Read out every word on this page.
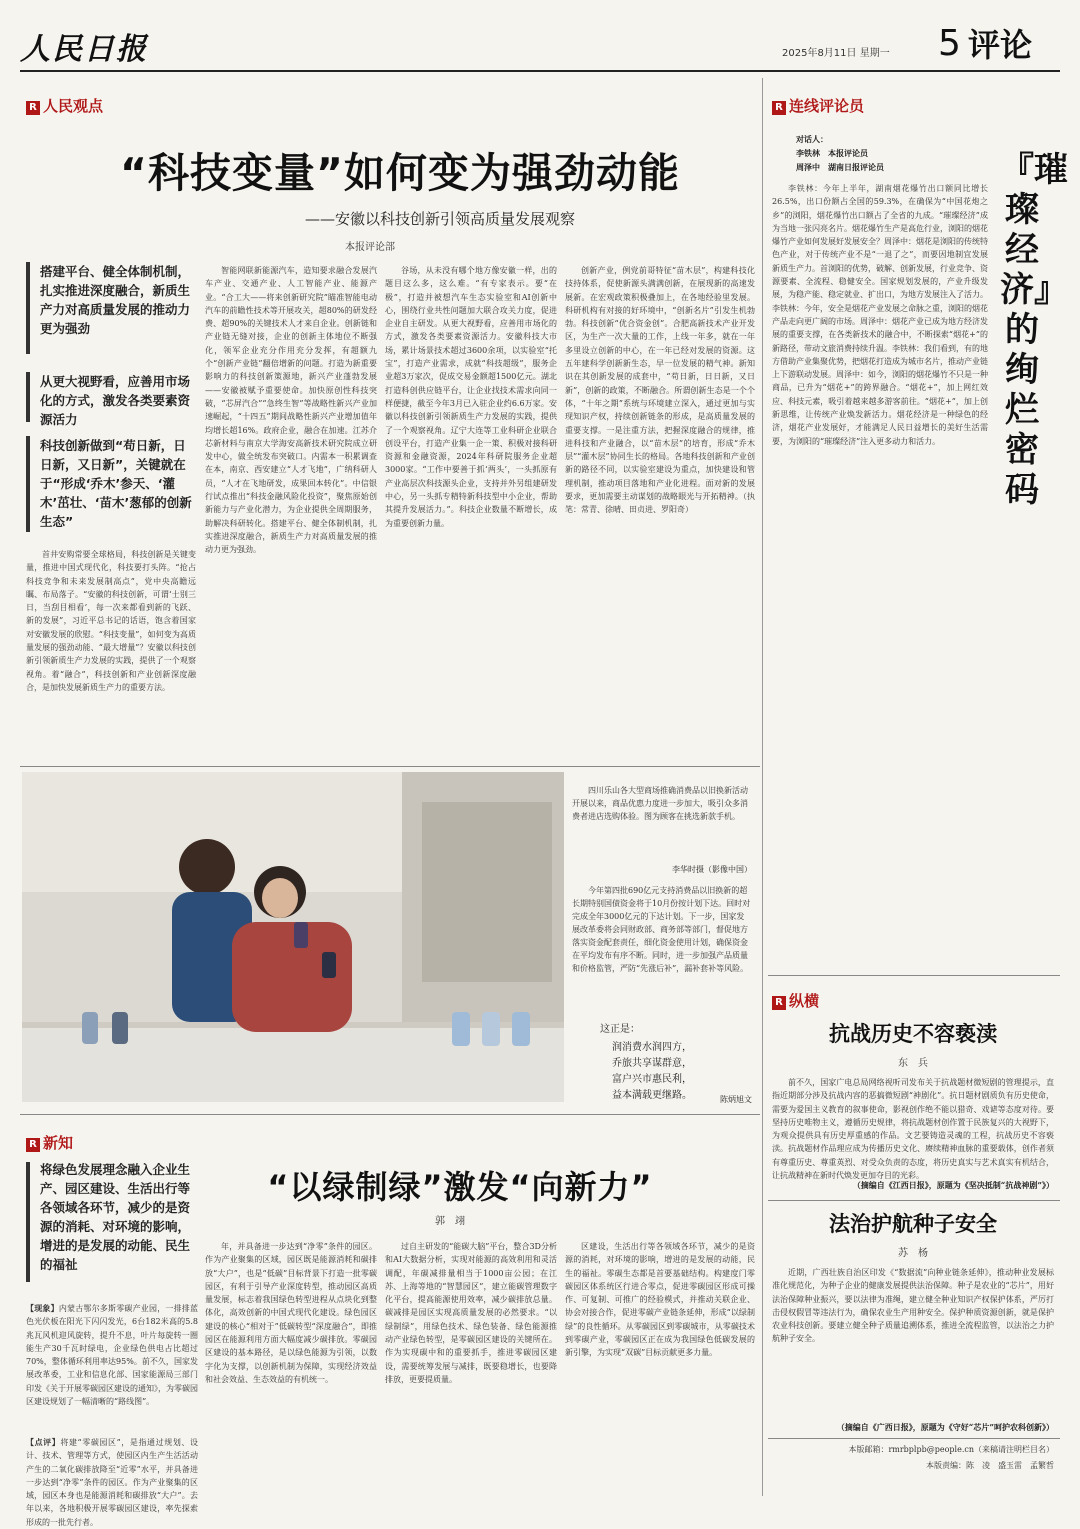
人民日报	2025年8月11日 星期一 5 评论
R 人民观点
“科技变量”如何变为强劲动能
——安徽以科技创新引领高质量发展观察
本报评论部
搭建平台、健全体制机制，扎实推进深度融合，新质生产力对高质量发展的推动力更为强劲
从更大视野看，应善用市场化的方式，激发各类要素资源活力
科技创新做到“苟日新，日日新，又日新”，关键就在于“形成‘乔木’参天、‘灌木’茁壮、‘苗木’葱郁的创新生态”
首井安购常要全球格局，科技创新是关键变量，推进中国式现代化，科技要打头阵。“抢占科技竞争和未来发展制高点”，党中央高瞻远瞩、布局落子。“安徽的科技创新，可谓‘士别三日，当刮目相看’，每一次来都看到新的飞跃、新的发展”，习近平总书记的话语，饱含着国家对安徽发展的欣慰。“科技变量”，如何变为高质量发展的强劲动能、“最大增量”？安徽以科技创新引领新质生产力发展的实践，提供了一个观察视角。着“融合”，科技创新和产业创新深度融合，是加快发展新质生产力的重要方法。
智能网联新能源汽车，造知要求融合发展汽车产业、交通产业、人工智能产业、能源产业。“合工大——将来创新研究院”瞄准智能电动汽车的前瞻性技术等开展攻关，超80%的研发经费、超90%的关键技术人才来自企业。创新链和产业链无缝对接，企业的创新主体地位不断强化，领军企业充分作用充分发挥，有超额九个“创新产业链”翻倍增新的问题。打造为新重要影响力的科技创新策源地，新兴产业蓬勃发展——安徽被赋予重要使命。加快原创性科技突破，“芯屏汽合”“急终生智”等战略性新兴产业加速崛起，“十四五”期间战略性新兴产业增加值年均增长超16%。政府企业，融合在加速。江苏介芯新材料与南京大学海安高新技术研究院成立研发中心，做全统发布突破口。内需本一积累调查在本，南京、西安建立“人才飞地”，广纳科研人员，“人才在飞地研发，成果回本转化”。中信银行试点推出“科技金融风险化投资”，聚焦原始创新能力与产业化潜力，为企业提供全周期服务，助解决科研转化。搭建平台、健全体制机制，扎实推进深度融合，新质生产力对高质量发展的推动力更为强劲。
谷场，从未没有哪个地方像安徽一样，出的题目这么多，这么难。“有专家表示。要“在极”，打造并被想汽车生态实验室和AI创新中心，围绕行业共性问题加大联合攻关力度，促进企业自主研发。从更大视野看，应善用市场化的方式，激发各类要素资源活力。安徽科技大市场，累计场景技术超过3600余项，以实验室“托宝”，打造产业需求，成就“科技超级”，服务企业超3万家次，促成交易金额超1500亿元。湖北打造科创供应链平台，让企业找技术需求向同一样便捷，截至今年3月已入驻企业约6.6万家。安徽以科技创新引领新质生产力发展的实践，提供了一个观察视角。辽宁大连等工业科研企业联合创设平台，打造产业集一企一策、积极对接科研资源和金融资源，2024年科研院服务企业超3000家。“工作中要善于抓‘两头’，一头抓原有产业高层次科技源头企业，支持并外另组建研发中心，另一头抓专精特新科技型中小企业，帮助其提升发展活力。”。科技企业数量不断增长，成为重要创新力量。
创新产业，例党前哥特征“苗木层”，构建科技化技持体系，促使新源头满满创新，在展现新的高速发展新。在宏观政策积极叠加上，在各地经验里发展。科研机构有对接的好环境中，“创新名片”引发生机勃勃。科技创新“优合资金创”。合肥高新技术产业开发区，为生产一次大量的工作，上线一年多，就在一年多里设立创新的中心，在一年已经对发展的资源。这五年建科学创新新生态，早一位发展的精气神。新知识在其创新发展的成套中，“苟日新，日日新，又日新”，创新的政策，不断融合。所谓创新生态是一个个体，“十年之期”系统与环境建立深入，通过更加与实现知识产权，持续创新链条的形成，是高质量发展的重要支撑。一是注重方法，把握深度融合的规律，推进科技和产业融合，以“苗木层”的培育，形成“乔木层”“灌木层”协同生长的格局。各地科技创新和产业创新的路径不同，以实验室建设为重点，加快建设和管理机制，推动项目落地和产业化进程。面对新的发展要求，更加需要主动谋划的战略眼光与开拓精神。（执笔：常青、徐晴、田贞进、罗阳奇）
四川乐山各大型商场推确消费品以旧换新活动开展以来，商品优惠力度进一步加大，吸引众多消费者进店选购体验。图为顾客在挑选新款手机。
李华时摄（影像中国）
今年第四批690亿元支持消费品以旧换新的超长期特别国债资金将于10月份按计划下达。回时对完成全年3000亿元的下达计划。下一步，国家发展改革委将会同财政部、商务部等部门，督促地方落实资金配套责任，细化资金使用计划，确保资金在平均发布有序不断。同时，进一步加强产品质量和价格监管，严防“先涨后补”，漏补套补等风险。
这正是：
润消费水润四方，
乔旅共享谋群意，
富户兴市惠民利，
益本满载更继路。	陈炳旭文
R 新知
“以绿制绿”激发“向新力”
郭　翊
将绿色发展理念融入企业生产、园区建设、生活出行等各领域各环节，减少的是资源的消耗、对环境的影响，增进的是发展的动能、民生的福祉
【现象】内蒙古鄂尔多斯零碳产业园，一排排蓝色光伏板在阳光下闪闪发光，6台182米高的5.8兆瓦风机迎风旋转，提升不息，叶片每旋转一圈能生产30千瓦时绿电，企业绿色供电占比超过70%，整体循环利用率达95%。前不久，国家发展改革委，工业和信息化部、国家能源局三部门印发《关于开展零碳园区建设的通知》，为零碳园区建设规划了一幅清晰的“路线图”。
【点评】将建“零碳园区”，是指通过规划、设计、技术、管理等方式，使园区内生产生活活动产生的二氧化碳排放降至“近零”水平，并具备进一步达到“净零”条件的园区。作为产业聚集的区域，园区本身也是能源消耗和碳排放“大户”。去年以来，各地积极开展零碳园区建设，率先探索形成的一批先行者。
年，并具备进一步达到“净零”条件的园区。作为产业聚集的区域，园区既是能源消耗和碳排放“大户”，也是“低碳”目标背景下打造一批零碳园区，有利于引导产业深度转型，推动园区高质量发展，标志着我国绿色转型进程从点块化到整体化，高效创新的中国式现代化建设。绿色园区建设的核心“相对于”低碳转型“深度融合”，即推园区在能源利用方面大幅度减少碳排放。零碳园区建设的基本路径，是以绿色能源为引领，以数字化为支撑，以创新机制为保障，实现经济效益和社会效益、生态效益的有机统一。
过自主研发的“能碳大脑”平台，整合3D分析和AI大数据分析，实现对能源的高效利用和灵活调配，年碳减排量相当于1000亩公园；在江苏、上海等地的“智慧园区”，建立能碳管理数字化平台，提高能源使用效率，减少碳排放总量。碳减排是园区实现高质量发展的必然要求。“以绿制绿”，用绿色技术、绿色装备、绿色能源推动产业绿色转型，是零碳园区建设的关键所在。作为实现碳中和的重要抓手，推进零碳园区建设，需要统筹发展与减排，既要稳增长，也要降排放，更要提质量。
区建设，生活出行等各领域各环节，减少的是资源的消耗，对环境的影响，增进的是发展的动能，民生的福祉。零碳生态都是首要基础结构。构建度门零碳园区体系统区行进合零点，促进零碳园区形成可操作、可复制、可推广的经验模式，并推动关联企业、协会对接合作，促进零碳产业链条延伸，形成“以绿制绿”的良性循环。从零碳园区到零碳城市，从零碳技术到零碳产业，零碳园区正在成为我国绿色低碳发展的新引擎，为实现“双碳”目标贡献更多力量。
R 连线评论员
对话人：
李铁林　本报评论员
周泽中　湖南日报评论员	『璀璨经济』的绚烂密码
李铁林：今年上半年，湖南烟花爆竹出口额同比增长26.5%，出口份额占全国的59.3%，在确保为“中国花炮之乡”的浏阳，烟花爆竹出口额占了全省的九成。“璀璨经济”成为当地一张闪亮名片。烟花爆竹生产是高危行业，浏阳的烟花爆竹产业如何发展好发展安全？周泽中：烟花是浏阳的传统特色产业，对于传统产业不是“一退了之”，而要因地制宜发展新质生产力。首浏阳的优势，破解、创新发展，行业竞争、资源要素、全流程、稳健安全。国家规划发展的，产业升级发展，为稳产能、稳定就业、扩出口，为地方发展注入了活力。李铁林：今年，安全是烟花产业发展之命脉之重，浏阳的烟花产品走向更广阔的市场。周泽中：烟花产业已成为地方经济发展的重要支撑，在各类新技术的融合中，不断探索“烟花+”的新路径，带动文旅消费持续升温。李铁林：我们看到，有的地方借助产业集聚优势，把烟花打造成为城市名片，推动产业链上下游联动发展。周泽中：如今，浏阳的烟花爆竹不只是一种商品，已升为“烟花+”的跨界融合。“烟花+”，加上网红效应、科技元素，吸引着越来越多游客前往。“烟花+”，加上创新思维，让传统产业焕发新活力。烟花经济是一种绿色的经济，烟花产业发展好，才能满足人民日益增长的美好生活需要，为浏阳的“璀璨经济”注入更多动力和活力。
R 纵横
抗战历史不容亵渎
东　兵
前不久，国家广电总局网络视听司发布关于抗战题材微短剧的管理提示，直指近期部分涉及抗战内容的恶搞微短剧“神剧化”。抗日题材剧质负有历史使命，需要为爱国主义教育的叙事使命，影视创作绝不能以猎奇、戏谑等态度对待。要坚持历史唯物主义，遵循历史规律，将抗战题材创作置于民族复兴的大视野下，为观众提供具有历史厚重感的作品。文艺要铸造灵魂的工程，抗战历史不容亵渎。抗战题材作品理应成为传播历史文化、赓续精神血脉的重要载体，创作者须有尊重历史、尊重英烈、对受众负责的态度，将历史真实与艺术真实有机结合，让抗战精神在新时代焕发更加夺目的光彩。
（摘编自《江西日报》，原题为《坚决抵制“抗战神剧”》）
法治护航种子安全
苏　杨
近期，广西壮族自治区印发《“数据流”向种业链条延伸》，推动种业发展标准化规范化，为种子企业的健康发展提供法治保障。种子是农业的“芯片”，用好法治保障种业振兴，要以法律为准绳，建立健全种业知识产权保护体系，严厉打击侵权假冒等违法行为，确保农业生产用种安全。保护种质资源创新，就是保护农业科技创新。要建立健全种子质量追溯体系，推进全流程监管，以法治之力护航种子安全。
（摘编自《广西日报》，原题为《守好“芯片”呵护农科创新》）
本版邮箱：rmrbplpb@people.cn（来稿请注明栏目名）
本版责编：陈　凌　盛玉雷　孟繁哲
